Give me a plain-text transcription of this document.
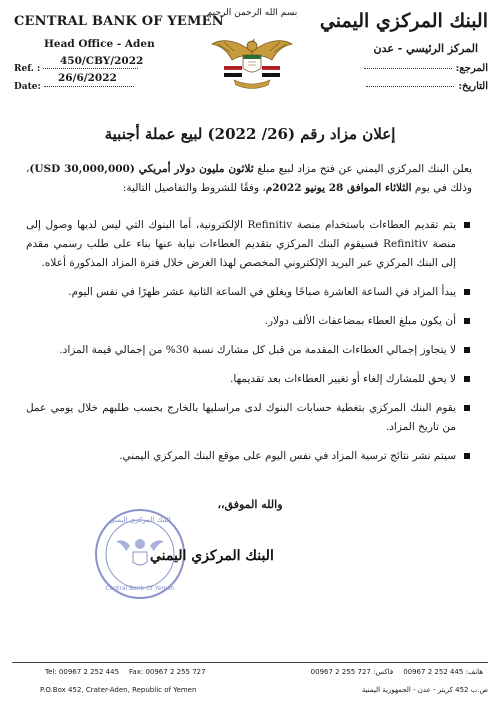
CENTRAL BANK OF YEMEN
Head Office - Aden
450/CBY/2022
Ref. :
26/6/2022
Date:
بسم الله الرحمن الرحيم	البنك المركزي اليمني
المركز الرئيسي - عدن
المرجع:
التاريخ:
إعلان مزاد رقم (26/ 2022) لبيع عملة أجنبية
يعلن البنك المركزي اليمني عن فتح مزاد لبيع مبلغ ثلاثون مليون دولار أمريكي (30,000,000 USD)، وذلك في يوم الثلاثاء الموافق 28 يونيو 2022م، وفقًا للشروط والتفاصيل التالية:
يتم تقديم العطاءات باستخدام منصة Refinitiv الإلكترونية، أما البنوك التي ليس لديها وصول إلى منصة Refinitiv فسيقوم البنك المركزي بتقديم العطاءات نيابة عنها بناء على طلب رسمي مقدم إلى البنك المركزي عبر البريد الإلكتروني المخصص لهذا الغرض خلال فترة المزاد المذكورة أعلاه.
يبدأ المزاد في الساعة العاشرة صباحًا ويغلق في الساعة الثانية عشر ظهرًا في نفس اليوم.
أن يكون مبلغ العطاء بمضاعفات الألف دولار.
لا يتجاوز إجمالي العطاءات المقدمة من قبل كل مشارك نسبة 30% من إجمالي قيمة المزاد.
لا يحق للمشارك إلغاء أو تغيير العطاءات بعد تقديمها.
يقوم البنك المركزي بتغطية حسابات البنوك لدى مراسليها بالخارج بحسب طلبهم خلال يومي عمل من تاريخ المزاد.
سيتم نشر نتائج ترسية المزاد في نفس اليوم على موقع البنك المركزي اليمني.
والله الموفق،،
البنك المركزي اليمني
Central Bank Of Yemen
البنك المركزي اليمني
Tel: 00967 2 252 445 Fax: 00967 2 255 727
P.O.Box 452, Crater-Aden, Republic of Yemen
هاتف: 445 252 2 00967فاكس: 727 255 2 00967
ص.ب 452 كريتر - عدن - الجمهورية اليمنية
